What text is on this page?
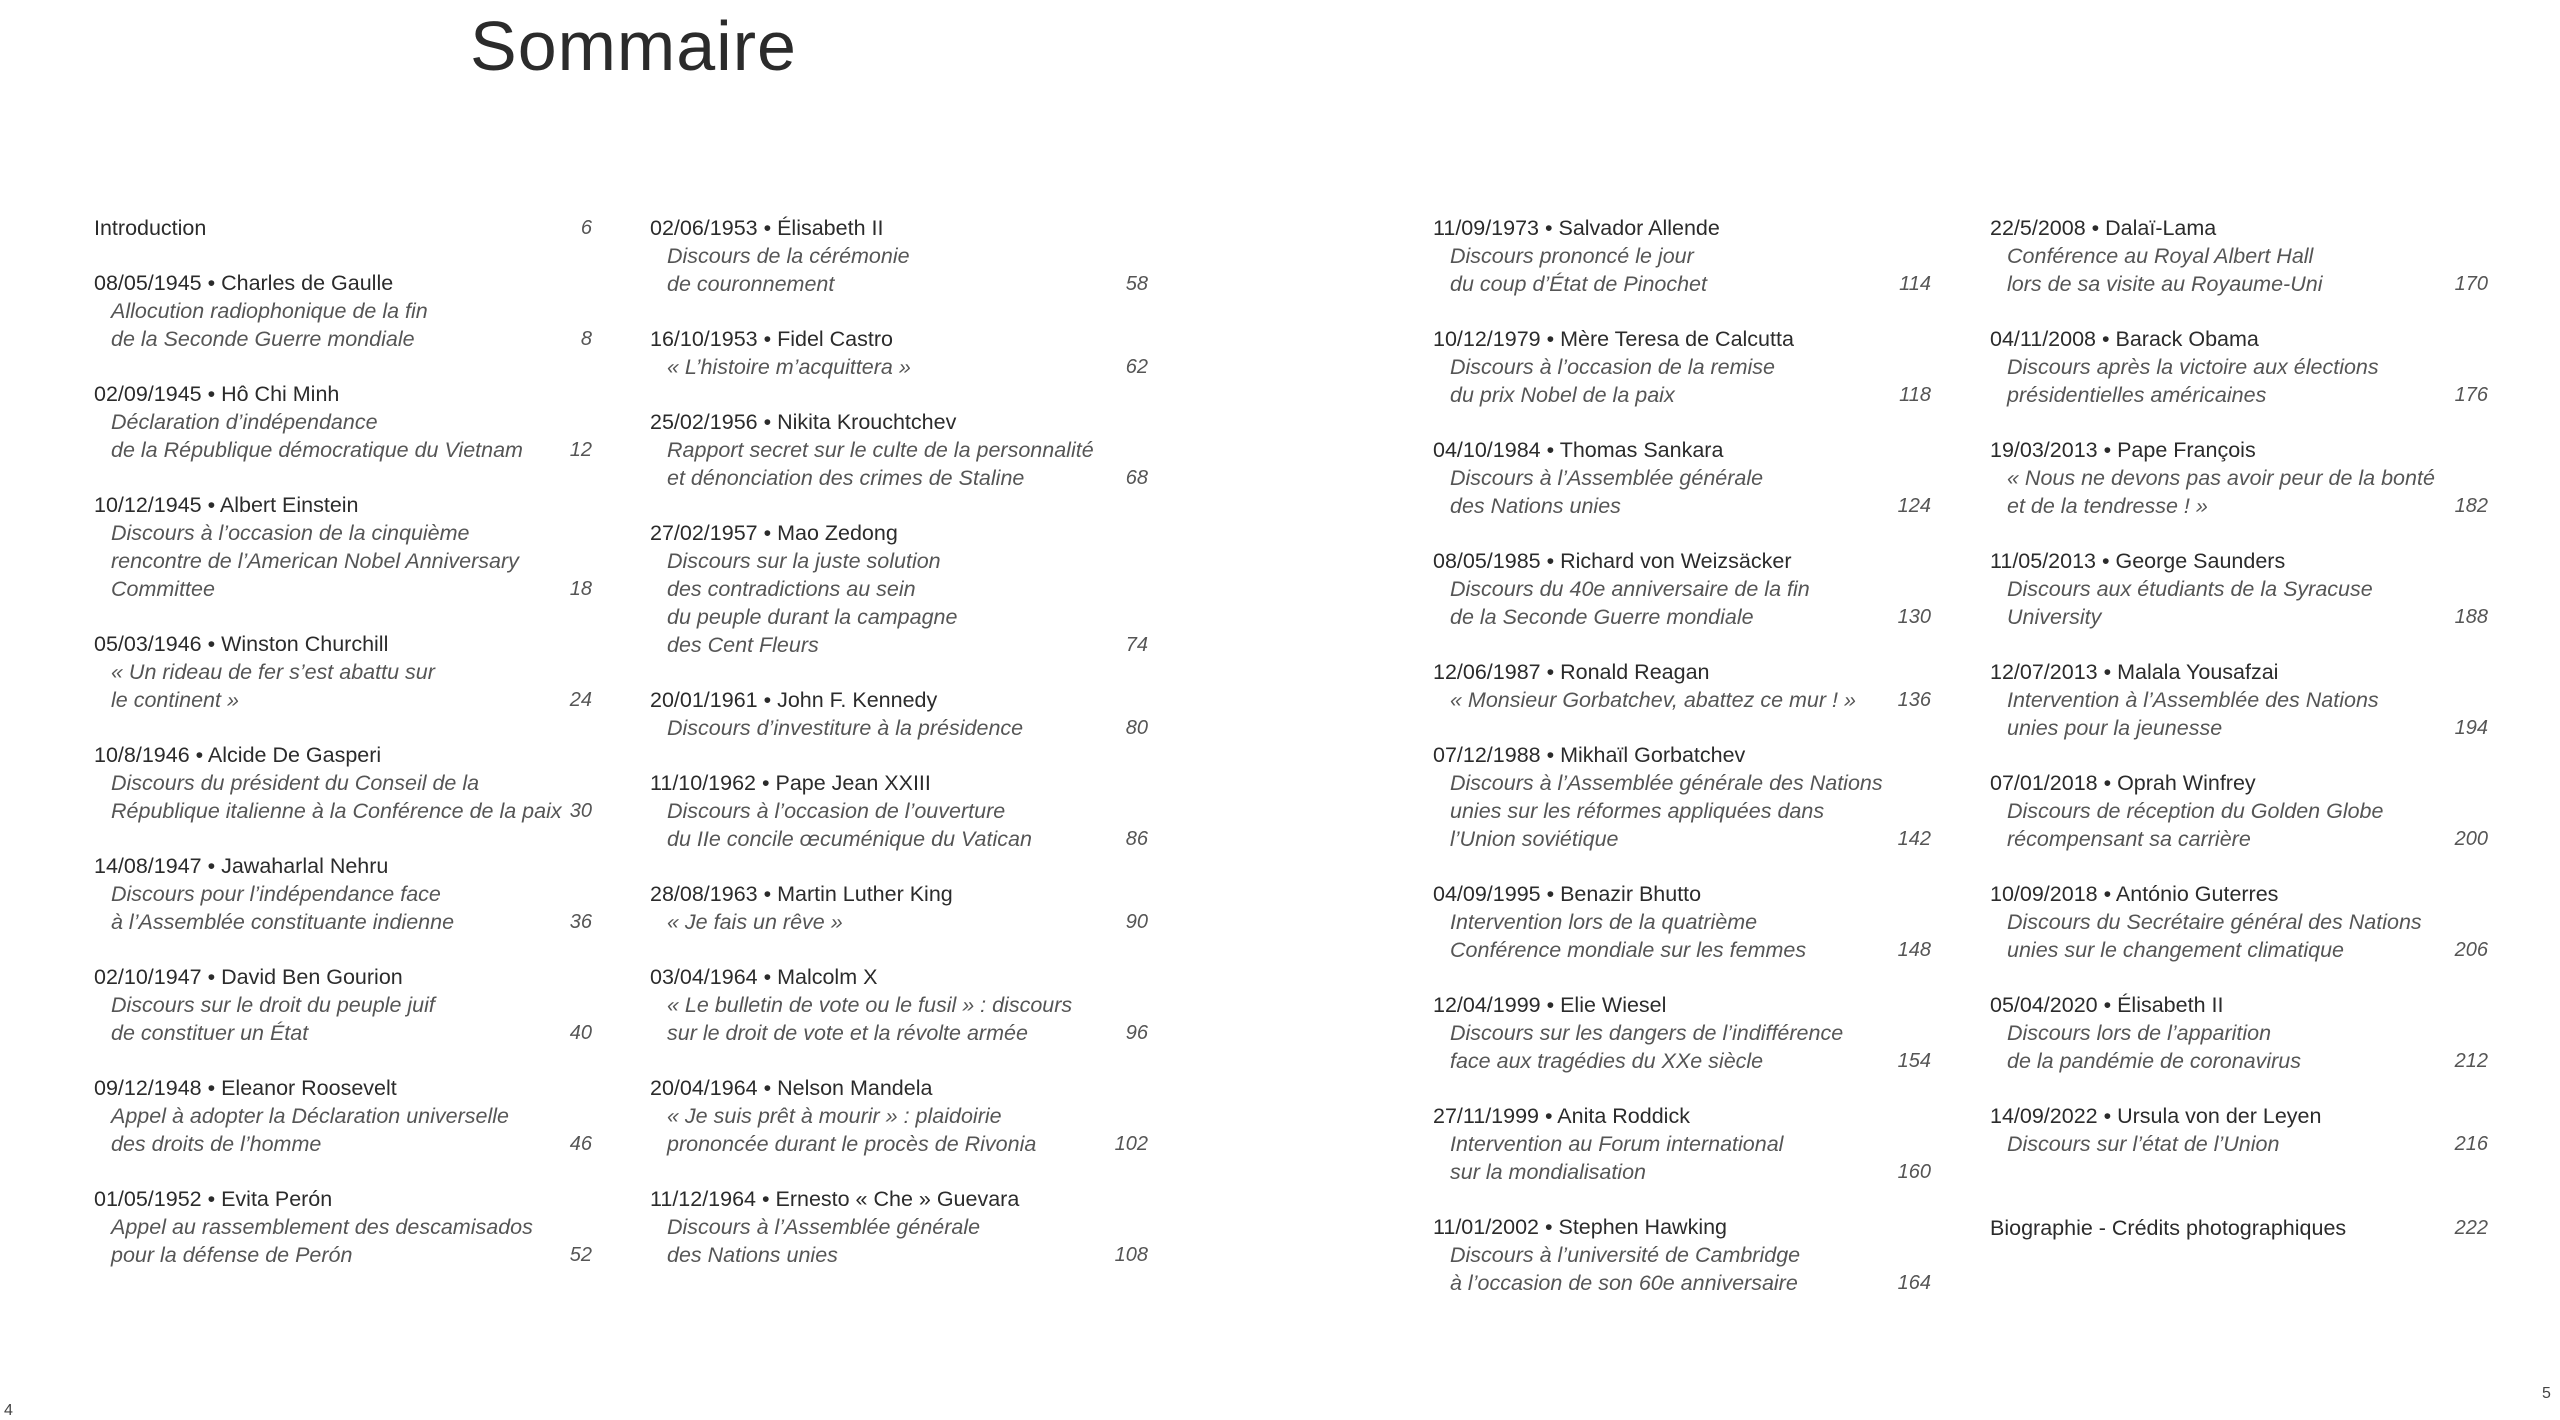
Sommaire
Introduction	6
08/05/1945 • Charles de Gaulle
Allocution radiophonique de la fin
de la Seconde Guerre mondiale	8
02/09/1945 • Hô Chi Minh
Déclaration d’indépendance
de la République démocratique du Vietnam	12
10/12/1945 • Albert Einstein
Discours à l’occasion de la cinquième
rencontre de l’American Nobel Anniversary
Committee	18
05/03/1946 • Winston Churchill
« Un rideau de fer s’est abattu sur
le continent »	24
10/8/1946 • Alcide De Gasperi
Discours du président du Conseil de la
République italienne à la Conférence de la paix 30
14/08/1947 • Jawaharlal Nehru
Discours pour l’indépendance face
à l’Assemblée constituante indienne	36
02/10/1947 • David Ben Gourion
Discours sur le droit du peuple juif
de constituer un État	40
09/12/1948 • Eleanor Roosevelt
Appel à adopter la Déclaration universelle
des droits de l’homme	46
01/05/1952 • Evita Perón
Appel au rassemblement des descamisados
pour la défense de Perón	52
02/06/1953 • Élisabeth II
Discours de la cérémonie
de couronnement	58
16/10/1953 • Fidel Castro
« L’histoire m’acquittera »	62
25/02/1956 • Nikita Krouchtchev
Rapport secret sur le culte de la personnalité
et dénonciation des crimes de Staline	68
27/02/1957 • Mao Zedong
Discours sur la juste solution
des contradictions au sein
du peuple durant la campagne
des Cent Fleurs	74
20/01/1961 • John F. Kennedy
Discours d’investiture à la présidence	80
11/10/1962 • Pape Jean XXIII
Discours à l’occasion de l’ouverture
du IIe concile œcuménique du Vatican	86
28/08/1963 • Martin Luther King
« Je fais un rêve »	90
03/04/1964 • Malcolm X
« Le bulletin de vote ou le fusil » : discours
sur le droit de vote et la révolte armée	96
20/04/1964 • Nelson Mandela
« Je suis prêt à mourir » : plaidoirie
prononcée durant le procès de Rivonia	102
11/12/1964 • Ernesto « Che » Guevara
Discours à l’Assemblée générale
des Nations unies	108
11/09/1973 • Salvador Allende
Discours prononcé le jour
du coup d’État de Pinochet	114
10/12/1979 • Mère Teresa de Calcutta
Discours à l’occasion de la remise
du prix Nobel de la paix	118
04/10/1984 • Thomas Sankara
Discours à l’Assemblée générale
des Nations unies	124
08/05/1985 • Richard von Weizsäcker
Discours du 40e anniversaire de la fin
de la Seconde Guerre mondiale	130
12/06/1987 • Ronald Reagan
« Monsieur Gorbatchev, abattez ce mur ! »	136
07/12/1988 • Mikhaïl Gorbatchev
Discours à l’Assemblée générale des Nations
unies sur les réformes appliquées dans
l’Union soviétique	142
04/09/1995 • Benazir Bhutto
Intervention lors de la quatrième
Conférence mondiale sur les femmes	148
12/04/1999 • Elie Wiesel
Discours sur les dangers de l’indifférence
face aux tragédies du XXe siècle	154
27/11/1999 • Anita Roddick
Intervention au Forum international
sur la mondialisation	160
11/01/2002 • Stephen Hawking
Discours à l’université de Cambridge
à l’occasion de son 60e anniversaire	164
22/5/2008 • Dalaï-Lama
Conférence au Royal Albert Hall
lors de sa visite au Royaume-Uni	170
04/11/2008 • Barack Obama
Discours après la victoire aux élections
présidentielles américaines	176
19/03/2013 • Pape François
« Nous ne devons pas avoir peur de la bonté
et de la tendresse ! »	182
11/05/2013 • George Saunders
Discours aux étudiants de la Syracuse
University	188
12/07/2013 • Malala Yousafzai
Intervention à l’Assemblée des Nations
unies pour la jeunesse	194
07/01/2018 • Oprah Winfrey
Discours de réception du Golden Globe
récompensant sa carrière	200
10/09/2018 • António Guterres
Discours du Secrétaire général des Nations
unies sur le changement climatique	206
05/04/2020 • Élisabeth II
Discours lors de l’apparition
de la pandémie de coronavirus	212
14/09/2022 • Ursula von der Leyen
Discours sur l’état de l’Union	216
Biographie - Crédits photographiques	222
4
5
